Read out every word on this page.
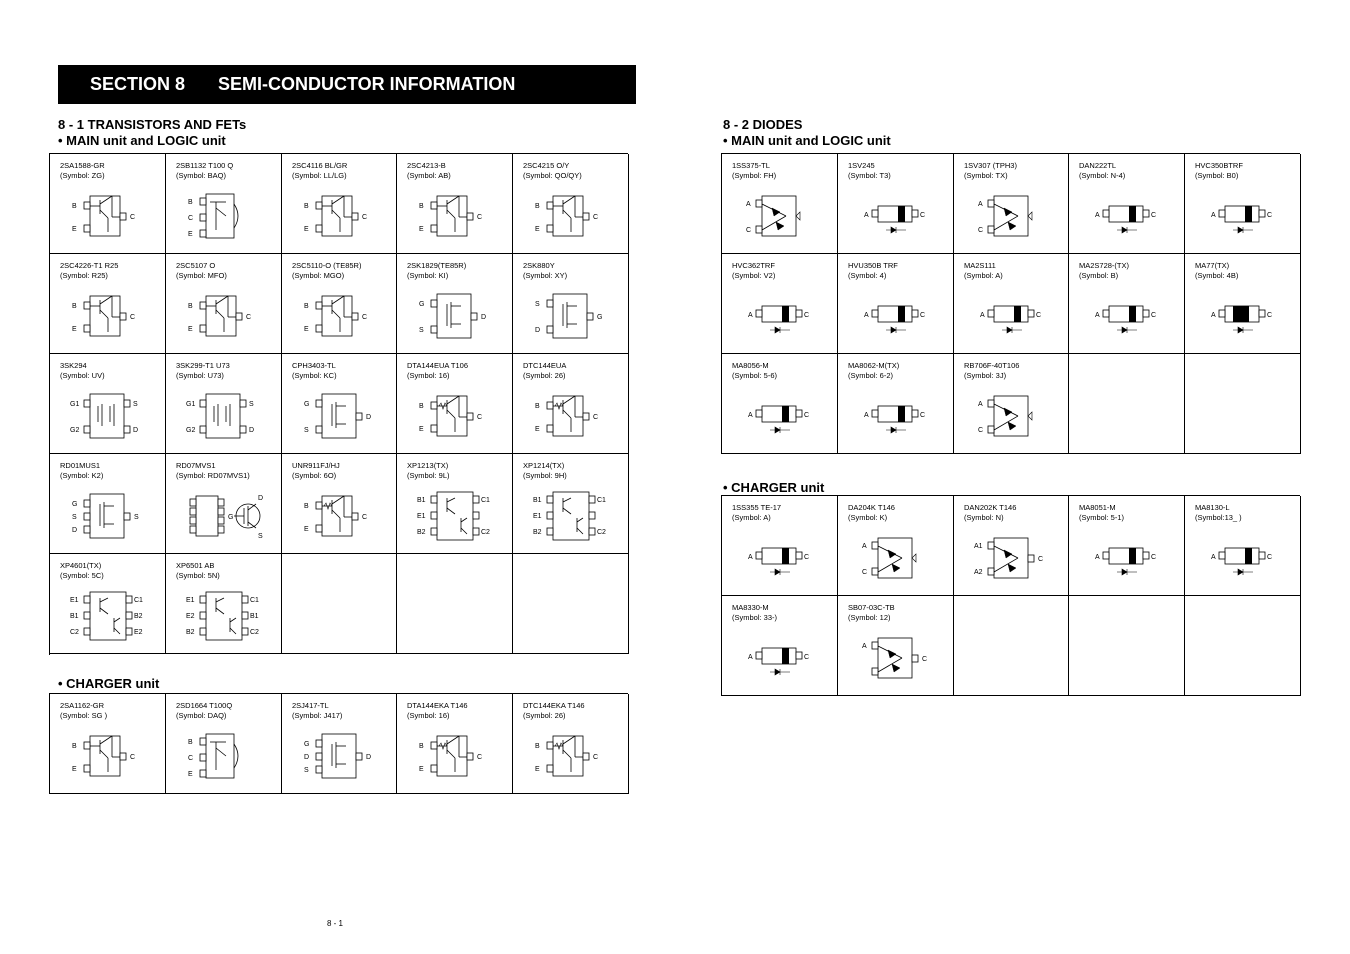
SECTION 8	SEMI-CONDUCTOR INFORMATION
8 - 1 TRANSISTORS AND FETs
• MAIN unit and LOGIC unit
2SA1588-GR
(Symbol: ZG)
B
E
C
2SB1132 T100 Q
(Symbol: BAQ)
B
C
E
2SC4116 BL/GR
(Symbol: LL/LG)
B
E
C
2SC4213-B
(Symbol: AB)
B
E
C
2SC4215 O/Y
(Symbol: QO/QY)
B
E
C
2SC4226-T1 R25
(Symbol: R25)
B
E
C
2SC5107 O
(Symbol: MFO)
B
E
C
2SC5110-O (TE85R)
(Symbol: MGO)
B
E
C
2SK1829(TE85R)
(Symbol: KI)
S
D
G
2SK880Y
(Symbol: XY)
D
G
S
3SK294
(Symbol: UV)
G1
G2
S
D
3SK299-T1 U73
(Symbol: U73)
G1
G2
S
D
CPH3403-TL
(Symbol: KC)
S
D
G
DTA144EUA T106
(Symbol: 16)
B
E
C
DTC144EUA
(Symbol: 26)
B
E
C
RD01MUS1
(Symbol: K2)
S
D
S
G
RD07MVS1
(Symbol: RD07MVS1)
D
G
S
UNR911FJ/HJ
(Symbol: 6O)
B
E
C
XP1213(TX)
(Symbol: 9L)
B1	C1
E1
B2	C2
XP1214(TX)
(Symbol: 9H)
B1	C1
E1
B2	C2
XP4601(TX)
(Symbol: 5C)
E1	C1
B1	B2
C2	E2
XP6501 AB
(Symbol: 5N)
E1	C1
E2	B1
B2	C2
• CHARGER unit
2SA1162-GR
(Symbol: SG )
B
E
C
2SD1664 T100Q
(Symbol: DAQ)
B
C
E
2SJ417-TL
(Symbol: J417)
D
S
D
G
DTA144EKA T146
(Symbol: 16)
B
E
C
DTC144EKA T146
(Symbol: 26)
B
E
C
8 - 2 DIODES
• MAIN unit and LOGIC unit
1SS375-TL
(Symbol: FH)
A
C
1SV245
(Symbol: T3)
A	C
1SV307 (TPH3)
(Symbol: TX)
A
C
DAN222TL
(Symbol: N-4)
A	C
HVC350BTRF
(Symbol: B0)
A	C
HVC362TRF
(Symbol: V2)
A	C
HVU350B TRF
(Symbol: 4)
A	C
MA2S111
(Symbol: A)
A	C
MA2S728-(TX)
(Symbol: B)
A	C
MA77(TX)
(Symbol: 4B)
A	C
MA8056-M
(Symbol: 5-6)
A	C
MA8062-M(TX)
(Symbol: 6-2)
A	C
RB706F-40T106
(Symbol: 3J)
A
C
• CHARGER unit
1SS355 TE-17
(Symbol: A)
A	C
DA204K T146
(Symbol: K)
A
C
DAN202K T146
(Symbol: N)
A1
A2
C
MA8051-M
(Symbol: 5-1)
A	C
MA8130-L
(Symbol:13_ )
A	C
MA8330-M
(Symbol: 33-)
A	C
SB07-03C-TB
(Symbol: 12)
A
C
8 - 1
